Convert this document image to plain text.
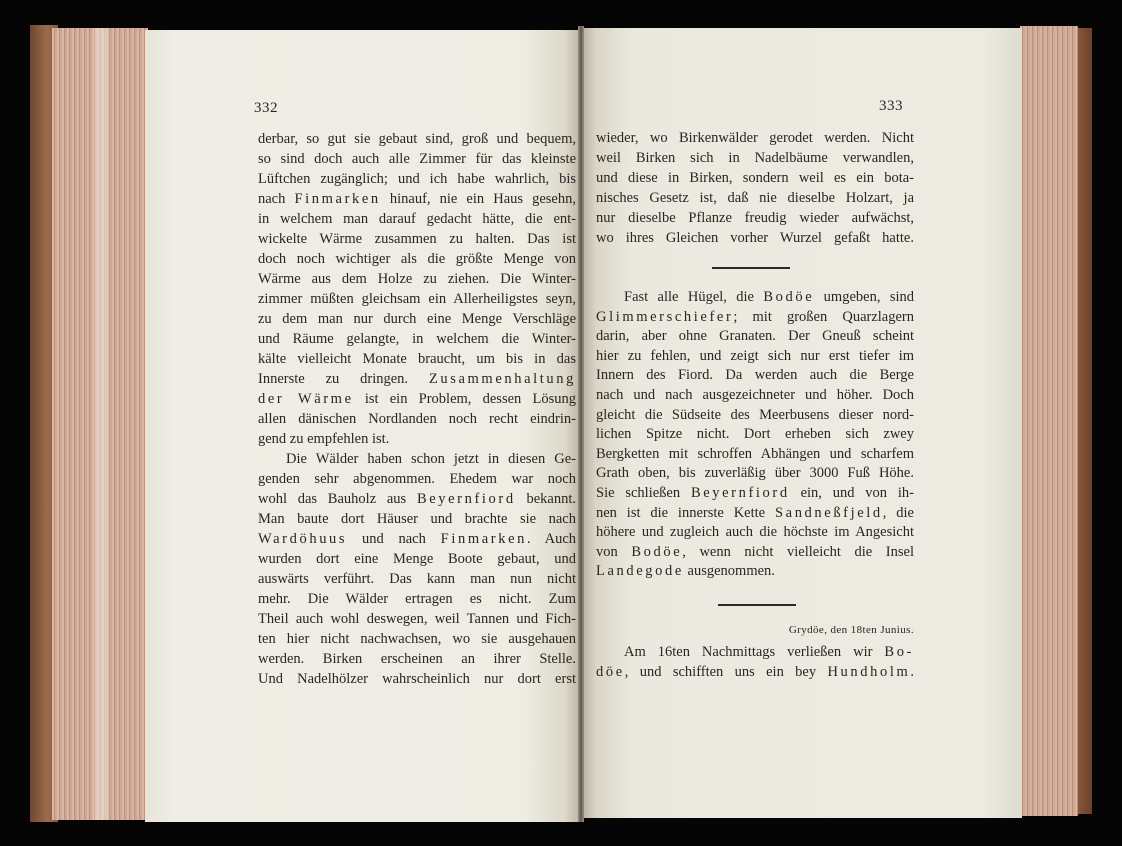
332	333
derbar, so gut sie gebaut sind, groß und bequem,
so sind doch auch alle Zimmer für das kleinste
Lüftchen zugänglich; und ich habe wahrlich, bis
nach Finmarken hinauf, nie ein Haus gesehn,
in welchem man darauf gedacht hätte, die ent-
wickelte Wärme zusammen zu halten. Das ist
doch noch wichtiger als die größte Menge von
Wärme aus dem Holze zu ziehen. Die Winter-
zimmer müßten gleichsam ein Allerheiligstes seyn,
zu dem man nur durch eine Menge Verschläge
und Räume gelangte, in welchem die Winter-
kälte vielleicht Monate braucht, um bis in das
Innerste zu dringen. Zusammenhaltung
der Wärme ist ein Problem, dessen Lösung
allen dänischen Nordlanden noch recht eindrin-
gend zu empfehlen ist.
Die Wälder haben schon jetzt in diesen Ge-
genden sehr abgenommen. Ehedem war noch
wohl das Bauholz aus Beyernfiord bekannt.
Man baute dort Häuser und brachte sie nach
Wardöhuus und nach Finmarken. Auch
wurden dort eine Menge Boote gebaut, und
auswärts verführt. Das kann man nun nicht
mehr. Die Wälder ertragen es nicht. Zum
Theil auch wohl deswegen, weil Tannen und Fich-
ten hier nicht nachwachsen, wo sie ausgehauen
werden. Birken erscheinen an ihrer Stelle.
Und Nadelhölzer wahrscheinlich nur dort erst
wieder, wo Birkenwälder gerodet werden. Nicht
weil Birken sich in Nadelbäume verwandlen,
und diese in Birken, sondern weil es ein bota-
nisches Gesetz ist, daß nie dieselbe Holzart, ja
nur dieselbe Pflanze freudig wieder aufwächst,
wo ihres Gleichen vorher Wurzel gefaßt hatte.
Fast alle Hügel, die Bodöe umgeben, sind
Glimmerschiefer; mit großen Quarzlagern
darin, aber ohne Granaten. Der Gneuß scheint
hier zu fehlen, und zeigt sich nur erst tiefer im
Innern des Fiord. Da werden auch die Berge
nach und nach ausgezeichneter und höher. Doch
gleicht die Südseite des Meerbusens dieser nord-
lichen Spitze nicht. Dort erheben sich zwey
Bergketten mit schroffen Abhängen und scharfem
Grath oben, bis zuverläßig über 3000 Fuß Höhe.
Sie schließen Beyernfiord ein, und von ih-
nen ist die innerste Kette Sandneßfjeld, die
höhere und zugleich auch die höchste im Angesicht
von Bodöe, wenn nicht vielleicht die Insel
Landegode ausgenommen.
Grydöe, den 18ten Junius.
Am 16ten Nachmittags verließen wir Bo-
döe, und schifften uns ein bey Hundholm.
